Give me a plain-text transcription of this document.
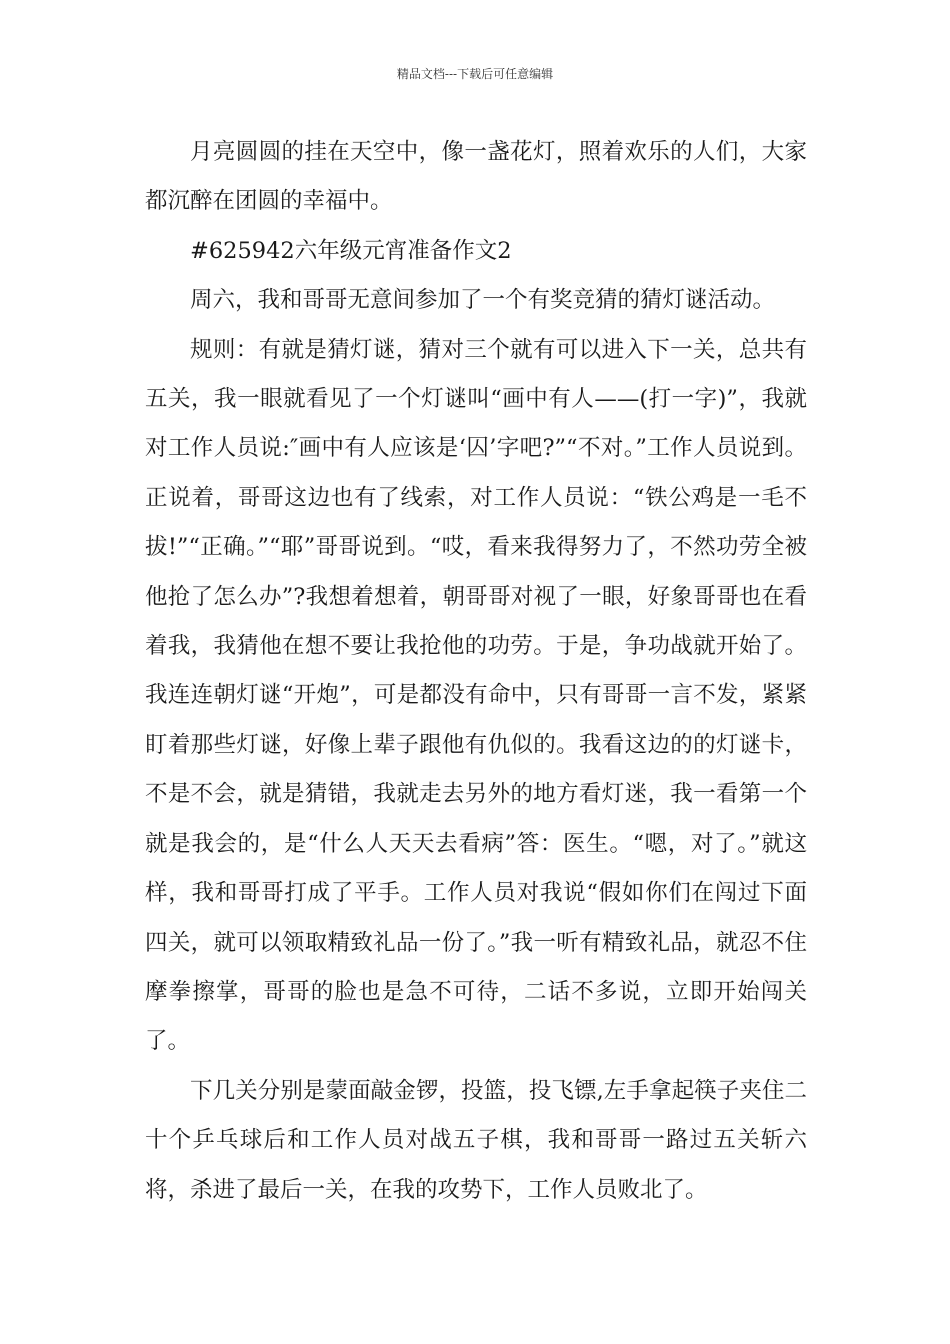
精品文档---下载后可任意编辑

月亮圆圆的挂在天空中，像一盏花灯，照着欢乐的人们，大家都沉醉在团圆的幸福中。

#625942六年级元宵准备作文2

周六，我和哥哥无意间参加了一个有奖竞猜的猜灯谜活动。

规则：有就是猜灯谜，猜对三个就有可以进入下一关，总共有五关，我一眼就看见了一个灯谜叫“画中有人——(打一字)”，我就对工作人员说:″画中有人应该是‘囚’字吧?”“不对。”工作人员说到。正说着，哥哥这边也有了线索，对工作人员说：“铁公鸡是一毛不拔!”“正确。”“耶”哥哥说到。“哎，看来我得努力了，不然功劳全被他抢了怎么办”?我想着想着，朝哥哥对视了一眼，好象哥哥也在看着我，我猜他在想不要让我抢他的功劳。于是，争功战就开始了。我连连朝灯谜“开炮”，可是都没有命中，只有哥哥一言不发，紧紧盯着那些灯谜，好像上辈子跟他有仇似的。我看这边的的灯谜卡，不是不会，就是猜错，我就走去另外的地方看灯迷，我一看第一个就是我会的，是“什么人天天去看病”答：医生。“嗯，对了。”就这样，我和哥哥打成了平手。工作人员对我说“假如你们在闯过下面四关，就可以领取精致礼品一份了。”我一听有精致礼品，就忍不住摩拳擦掌，哥哥的脸也是急不可待，二话不多说，立即开始闯关了。

下几关分别是蒙面敲金锣，投篮，投飞镖,左手拿起筷子夹住二十个乒乓球后和工作人员对战五子棋，我和哥哥一路过五关斩六将，杀进了最后一关，在我的攻势下，工作人员败北了。
